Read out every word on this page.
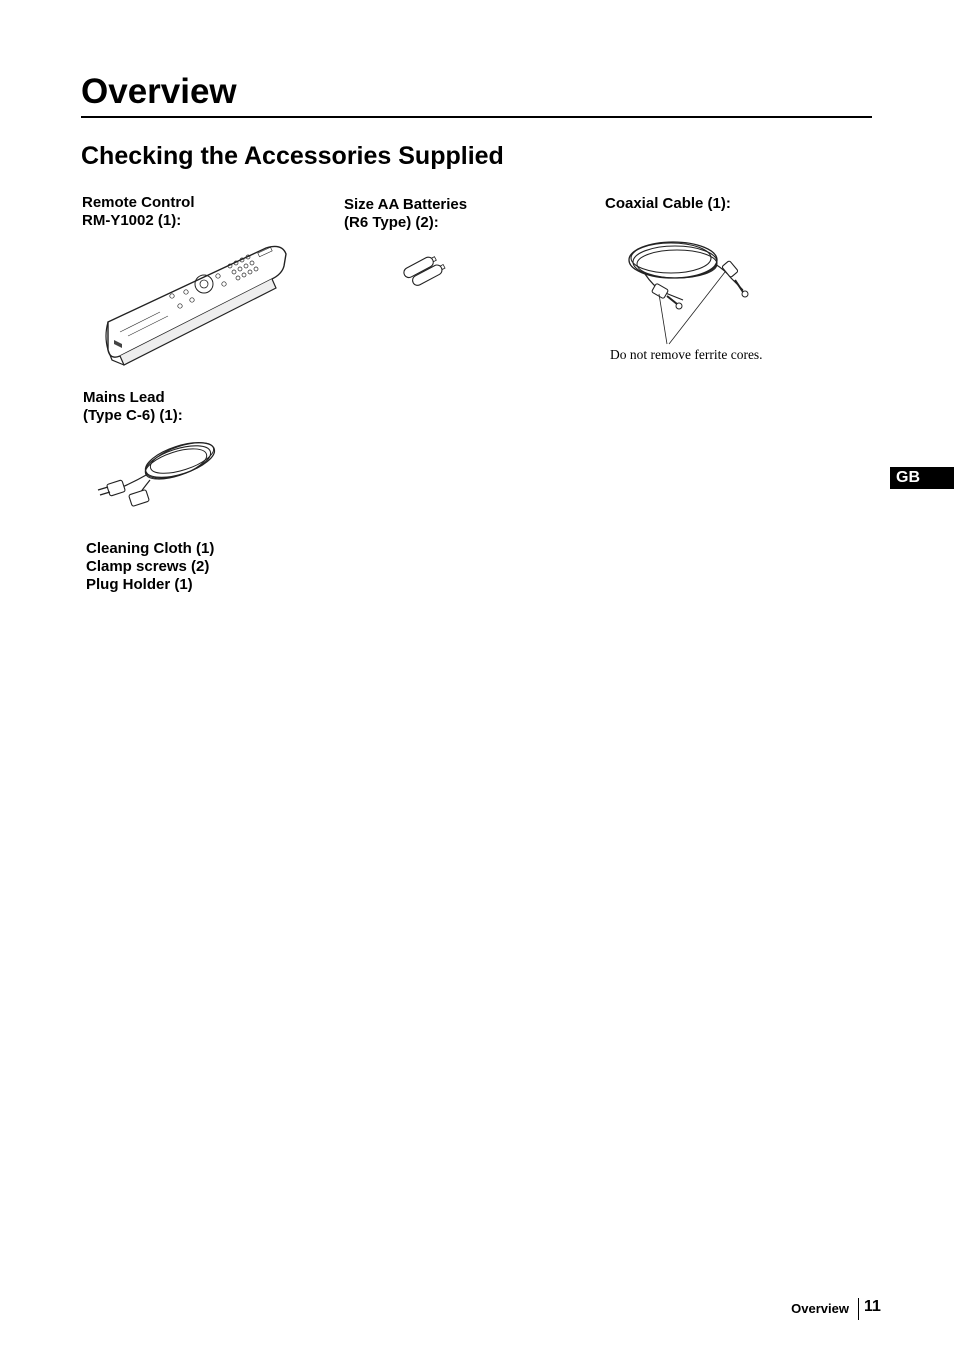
Overview
Checking the Accessories Supplied
Remote Control
RM-Y1002 (1):
Size AA Batteries
(R6 Type) (2):
Coaxial Cable (1):
Do not remove ferrite cores.
Mains Lead
(Type C-6) (1):
Cleaning Cloth (1)
Clamp screws (2)
Plug Holder (1)
GB
Overview 11
